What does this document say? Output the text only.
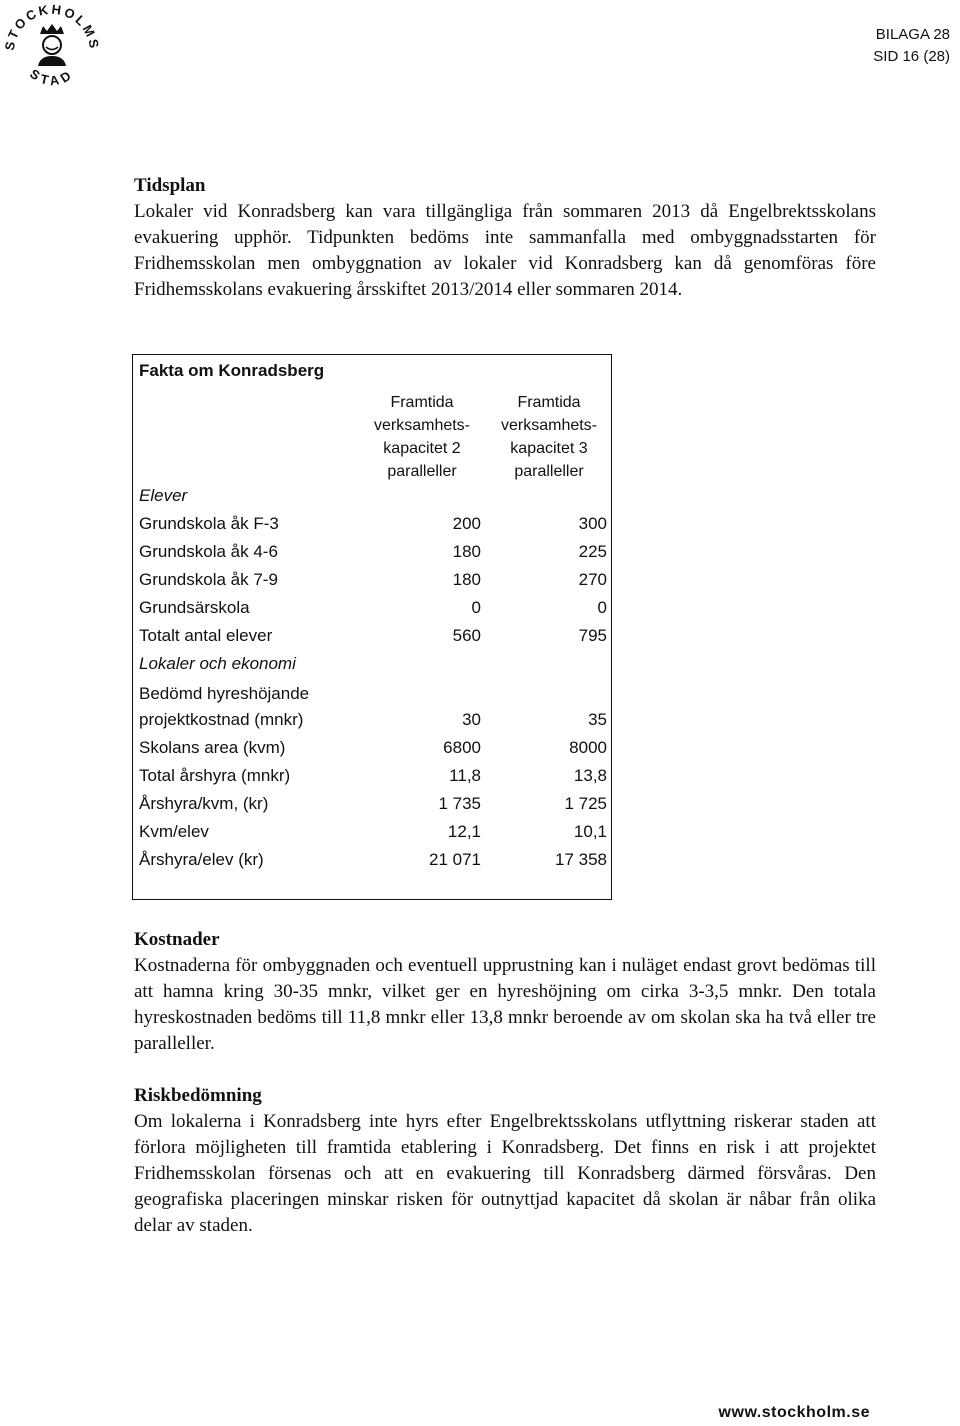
STOCKHOLMS
STAD
BILAGA 28
SID 16 (28)
Tidsplan

Lokaler vid Konradsberg kan vara tillgängliga från sommaren 2013 då Engelbrektsskolans evakuering upphör. Tidpunkten bedöms inte sammanfalla med ombyggnadsstarten för Fridhemsskolan men ombyggnation av lokaler vid Konradsberg kan då genomföras före Fridhemsskolans evakuering årsskiftet 2013/2014 eller sommaren 2014.

Fakta om Konradsberg
Framtida
verksamhets-
kapacitet 2
paralleller
Framtida
verksamhets-
kapacitet 3
paralleller
Elever
Grundskola åk F-3	200	300
Grundskola åk 4-6	180	225
Grundskola åk 7-9	180	270
Grundsärskola	0	0
Totalt antal elever	560	795
Lokaler och ekonomi
Bedömd hyreshöjande
projektkostnad (mnkr)	30	35
Skolans area (kvm)	6800	8000
Total årshyra (mnkr)	11,8	13,8
Årshyra/kvm, (kr)	1 735	1 725
Kvm/elev	12,1	10,1
Årshyra/elev (kr)	21 071	17 358
Kostnader

Kostnaderna för ombyggnaden och eventuell upprustning kan i nuläget endast grovt bedömas till att hamna kring 30-35 mnkr, vilket ger en hyreshöjning om cirka 3-3,5 mnkr. Den totala hyreskostnaden bedöms till 11,8 mnkr eller 13,8 mnkr beroende av om skolan ska ha två eller tre paralleller.

Riskbedömning

Om lokalerna i Konradsberg inte hyrs efter Engelbrektsskolans utflyttning riskerar staden att förlora möjligheten till framtida etablering i Konradsberg. Det finns en risk i att projektet Fridhemsskolan försenas och att en evakuering till Konradsberg därmed försvåras. Den geografiska placeringen minskar risken för outnyttjad kapacitet då skolan är nåbar från olika delar av staden.

www.stockholm.se
